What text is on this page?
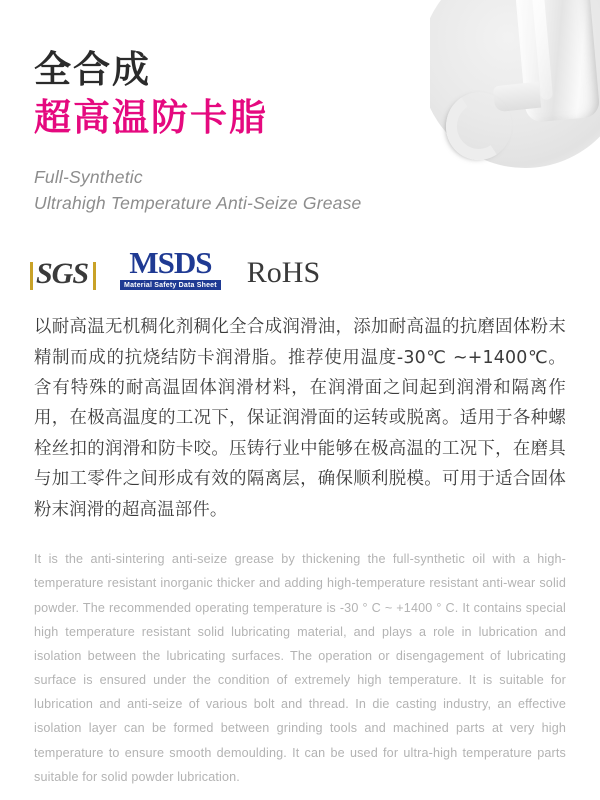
全合成
超高温防卡脂
Full-Synthetic
Ultrahigh Temperature Anti-Seize Grease
SGS MSDS
Material Safety Data Sheet RoHS

以耐高温无机稠化剂稠化全合成润滑油，添加耐高温的抗磨固体粉末精制而成的抗烧结防卡润滑脂。推荐使用温度-30℃ ~+1400℃。含有特殊的耐高温固体润滑材料，在润滑面之间起到润滑和隔离作用，在极高温度的工况下，保证润滑面的运转或脱离。适用于各种螺栓丝扣的润滑和防卡咬。压铸行业中能够在极高温的工况下，在磨具与加工零件之间形成有效的隔离层，确保顺利脱模。可用于适合固体粉末润滑的超高温部件。

It is the anti-sintering anti-seize grease by thickening the full-synthetic oil with a high-temperature resistant inorganic thicker and adding high-temperature resistant anti-wear solid powder. The recommended operating temperature is -30 ° C ~ +1400 ° C. It contains special high temperature resistant solid lubricating material, and plays a role in lubrication and isolation between the lubricating surfaces. The operation or disengagement of lubricating surface is ensured under the condition of extremely high temperature. It is suitable for lubrication and anti-seize of various bolt and thread. In die casting industry, an effective isolation layer can be formed between grinding tools and machined parts at very high temperature to ensure smooth demoulding. It can be used for ultra-high temperature parts suitable for solid powder lubrication.
